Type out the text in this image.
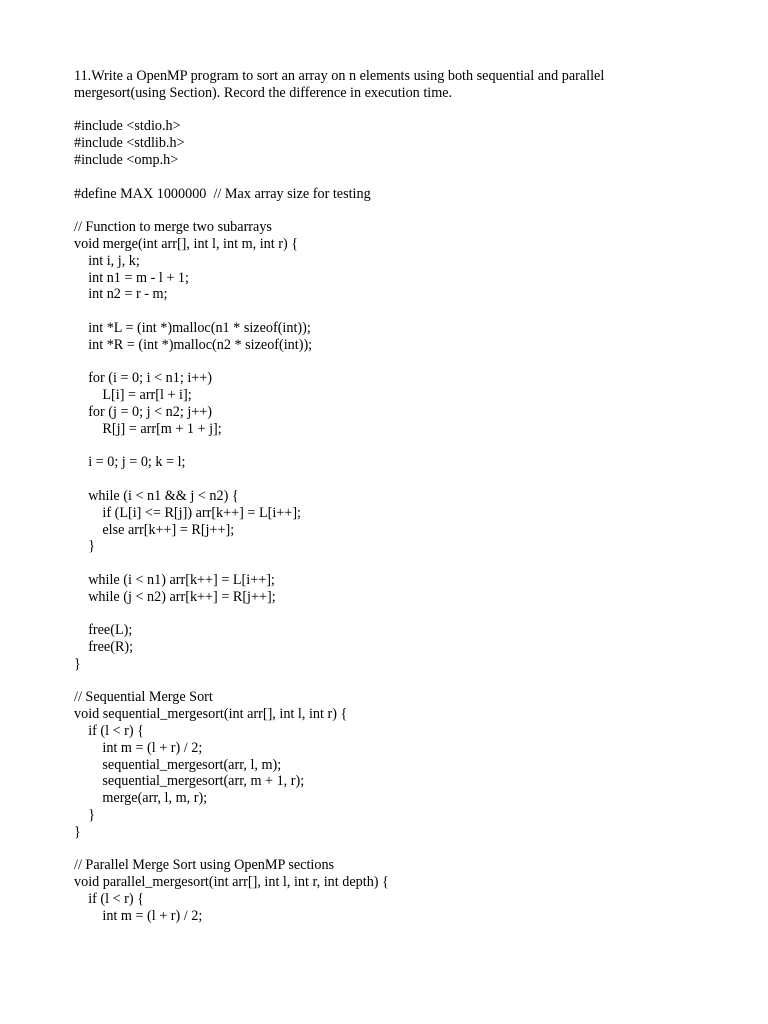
11.Write a OpenMP program to sort an array on n elements using both sequential and parallel
mergesort(using Section). Record the difference in execution time.
#include <stdio.h>
#include <stdlib.h>
#include <omp.h>
#define MAX 1000000  // Max array size for testing
// Function to merge two subarrays
void merge(int arr[], int l, int m, int r) {
int i, j, k;
int n1 = m - l + 1;
int n2 = r - m;
int *L = (int *)malloc(n1 * sizeof(int));
int *R = (int *)malloc(n2 * sizeof(int));
for (i = 0; i < n1; i++)
L[i] = arr[l + i];
for (j = 0; j < n2; j++)
R[j] = arr[m + 1 + j];
i = 0; j = 0; k = l;
while (i < n1 && j < n2) {
if (L[i] <= R[j]) arr[k++] = L[i++];
else arr[k++] = R[j++];
}
while (i < n1) arr[k++] = L[i++];
while (j < n2) arr[k++] = R[j++];
free(L);
free(R);
}
// Sequential Merge Sort
void sequential_mergesort(int arr[], int l, int r) {
if (l < r) {
int m = (l + r) / 2;
sequential_mergesort(arr, l, m);
sequential_mergesort(arr, m + 1, r);
merge(arr, l, m, r);
}
}
// Parallel Merge Sort using OpenMP sections
void parallel_mergesort(int arr[], int l, int r, int depth) {
if (l < r) {
int m = (l + r) / 2;
